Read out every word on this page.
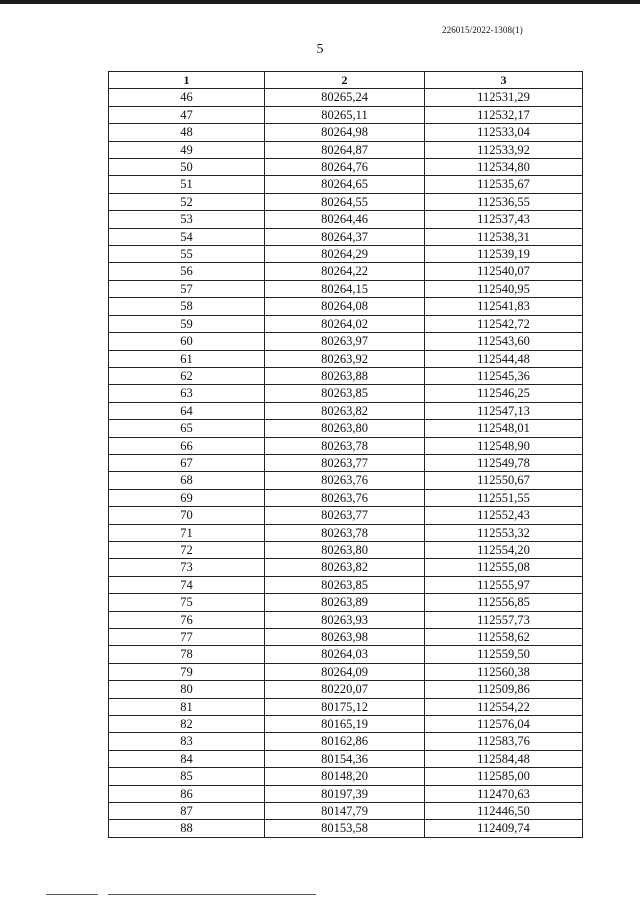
226015/2022-1308(1)
5
1	2	3
46	80265,24	112531,29
47	80265,11	112532,17
48	80264,98	112533,04
49	80264,87	112533,92
50	80264,76	112534,80
51	80264,65	112535,67
52	80264,55	112536,55
53	80264,46	112537,43
54	80264,37	112538,31
55	80264,29	112539,19
56	80264,22	112540,07
57	80264,15	112540,95
58	80264,08	112541,83
59	80264,02	112542,72
60	80263,97	112543,60
61	80263,92	112544,48
62	80263,88	112545,36
63	80263,85	112546,25
64	80263,82	112547,13
65	80263,80	112548,01
66	80263,78	112548,90
67	80263,77	112549,78
68	80263,76	112550,67
69	80263,76	112551,55
70	80263,77	112552,43
71	80263,78	112553,32
72	80263,80	112554,20
73	80263,82	112555,08
74	80263,85	112555,97
75	80263,89	112556,85
76	80263,93	112557,73
77	80263,98	112558,62
78	80264,03	112559,50
79	80264,09	112560,38
80	80220,07	112509,86
81	80175,12	112554,22
82	80165,19	112576,04
83	80162,86	112583,76
84	80154,36	112584,48
85	80148,20	112585,00
86	80197,39	112470,63
87	80147,79	112446,50
88	80153,58	112409,74
